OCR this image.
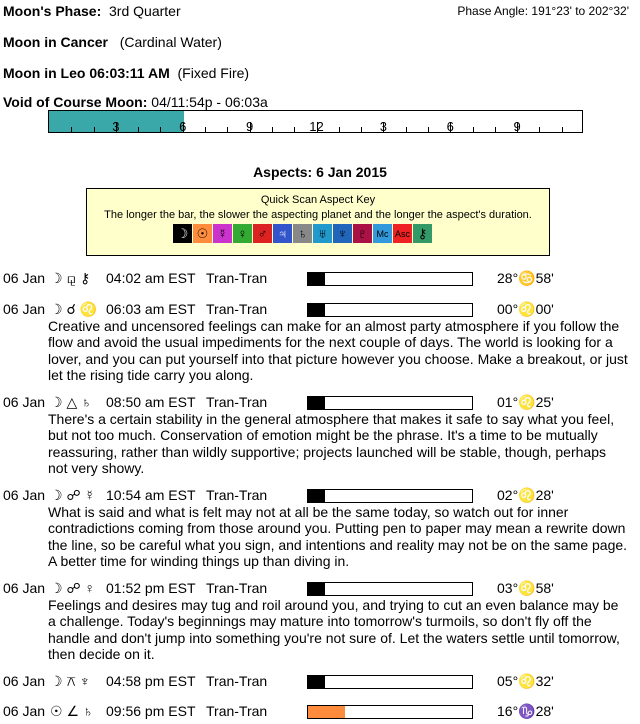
Moon's Phase: 3rd Quarter	Phase Angle: 191°23' to 202°32'
Moon in Cancer (Cardinal Water)
Moon in Leo 06:03:11 AM (Fixed Fire)
Void of Course Moon: 04/11:54p - 06:03a
3	6	9	12	3	6	9
Aspects: 6 Jan 2015
Quick Scan Aspect Key
The longer the bar, the slower the aspecting planet and the longer the aspect's duration.
☽ ☉ ☿ ♀ ♂ ♃ ♄ ♅ ♆ ♇	Mc Asc ⚷
06 Jan ☽ ⚼ ⚷ 04:02 am EST Tran-Tran	28°♋58'
06 Jan ☽ ☌ ♌ 06:03 am EST Tran-Tran	00°♌00'
Creative and uncensored feelings can make for an almost party atmosphere if you follow the flow and avoid the usual impediments for the next couple of days. The world is looking for a lover, and you can put yourself into that picture however you choose. Make a breakout, or just let the rising tide carry you along.
06 Jan ☽ △ ♄ 08:50 am EST Tran-Tran	01°♌25'
There's a certain stability in the general atmosphere that makes it safe to say what you feel, but not too much. Conservation of emotion might be the phrase. It's a time to be mutually reassuring, rather than wildly supportive; projects launched will be stable, though, perhaps not very showy.
06 Jan ☽ ☍ ☿ 10:54 am EST Tran-Tran	02°♌28'
What is said and what is felt may not at all be the same today, so watch out for inner contradictions coming from those around you. Putting pen to paper may mean a rewrite down the line, so be careful what you sign, and intentions and reality may not be on the same page. A better time for winding things up than diving in.
06 Jan ☽ ☍ ♀ 01:52 pm EST Tran-Tran	03°♌58'
Feelings and desires may tug and roil around you, and trying to cut an even balance may be a challenge. Today's beginnings may mature into tomorrow's turmoils, so don't fly off the handle and don't jump into something you're not sure of. Let the waters settle until tomorrow, then decide on it.
06 Jan ☽ ⚻ ♆ 04:58 pm EST Tran-Tran	05°♌32'
06 Jan ☉ ∠ ♄ 09:56 pm EST Tran-Tran	16°♑28'
